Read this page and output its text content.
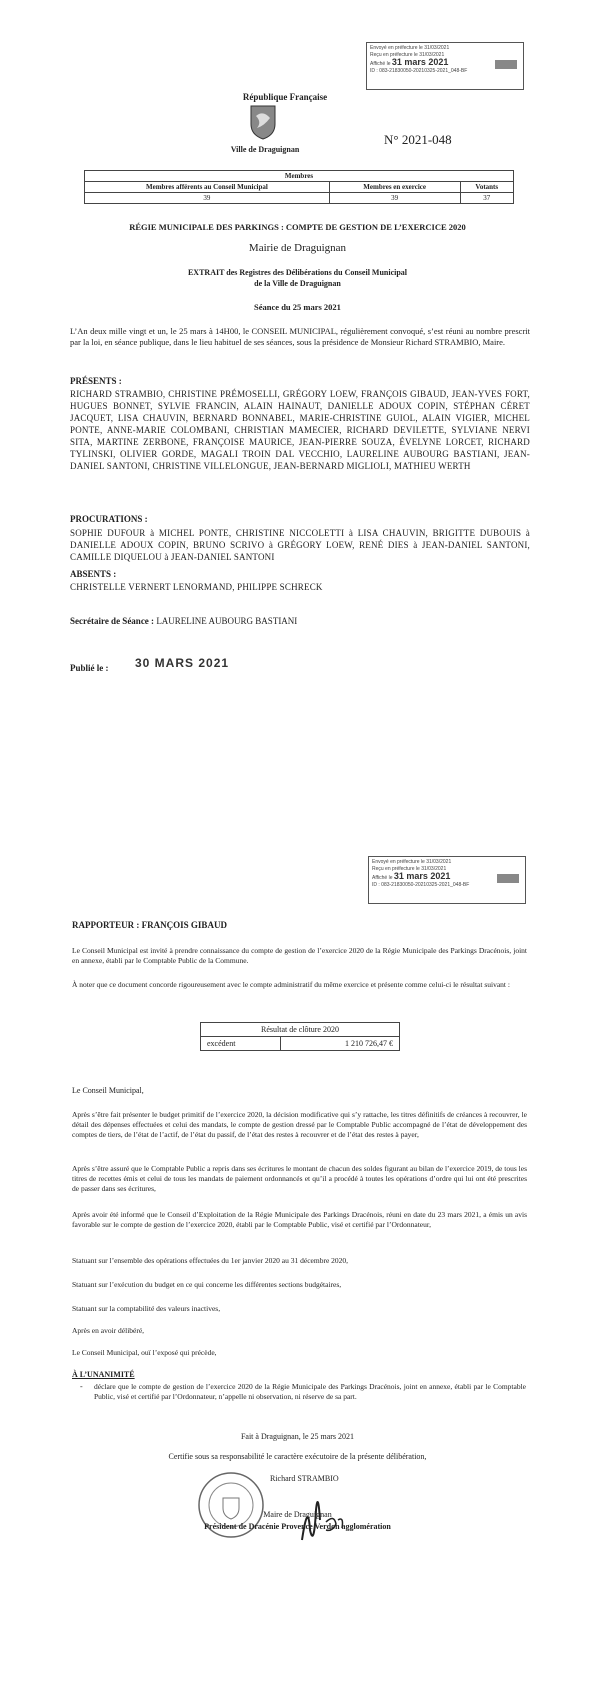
Envoyé en préfecture le 31/03/2021
Reçu en préfecture le 31/03/2021
Affiché le 31 mars 2021
ID : 083-21830050-20210325-2021_048-BF
République Française
Ville de Draguignan
N° 2021-048
Membres		
Membres afférents au Conseil Municipal	Membres en exercice	Votants
39	39	37
RÉGIE MUNICIPALE DES PARKINGS : COMPTE DE GESTION DE L’EXERCICE 2020
Mairie de Draguignan
EXTRAIT des Registres des Délibérations du Conseil Municipal
de la Ville de Draguignan
Séance du 25 mars 2021
L’An deux mille vingt et un, le 25 mars à 14H00, le CONSEIL MUNICIPAL, régulièrement convoqué, s’est réuni au nombre prescrit par la loi, en séance publique, dans le lieu habituel de ses séances, sous la présidence de Monsieur Richard STRAMBIO, Maire.
PRÉSENTS :
RICHARD STRAMBIO, CHRISTINE PRÉMOSELLI, GRÉGORY LOEW, FRANÇOIS GIBAUD, JEAN-YVES FORT, HUGUES BONNET, SYLVIE FRANCIN, ALAIN HAINAUT, DANIELLE ADOUX COPIN, STÉPHAN CÉRET JACQUET, LISA CHAUVIN, BERNARD BONNABEL, MARIE-CHRISTINE GUIOL, ALAIN VIGIER, MICHEL PONTE, ANNE-MARIE COLOMBANI, CHRISTIAN MAMECIER, RICHARD DEVILETTE, SYLVIANE NERVI SITA, MARTINE ZERBONE, FRANÇOISE MAURICE, JEAN-PIERRE SOUZA, ÉVELYNE LORCET, RICHARD TYLINSKI, OLIVIER GORDE, MAGALI TROIN DAL VECCHIO, LAURELINE AUBOURG BASTIANI, JEAN-DANIEL SANTONI, CHRISTINE VILLELONGUE, JEAN-BERNARD MIGLIOLI, MATHIEU WERTH
PROCURATIONS :
SOPHIE DUFOUR à MICHEL PONTE, CHRISTINE NICCOLETTI à LISA CHAUVIN, BRIGITTE DUBOUIS à DANIELLE ADOUX COPIN, BRUNO SCRIVO à GRÉGORY LOEW, RENÉ DIES à JEAN-DANIEL SANTONI, CAMILLE DIQUELOU à JEAN-DANIEL SANTONI
ABSENTS :
CHRISTELLE VERNERT LENORMAND, PHILIPPE SCHRECK
Secrétaire de Séance : LAURELINE AUBOURG BASTIANI
Publié le : 30 MARS 2021
Envoyé en préfecture le 31/03/2021
Reçu en préfecture le 31/03/2021
Affiché le 31 mars 2021
ID : 083-21830050-20210325-2021_048-BF
RAPPORTEUR : FRANÇOIS GIBAUD
Le Conseil Municipal est invité à prendre connaissance du compte de gestion de l’exercice 2020 de la Régie Municipale des Parkings Dracénois, joint en annexe, établi par le Comptable Public de la Commune.
À noter que ce document concorde rigoureusement avec le compte administratif du même exercice et présente comme celui-ci le résultat suivant :
Résultat de clôture 2020
excédent	1 210 726,47 €
Le Conseil Municipal,
Après s’être fait présenter le budget primitif de l’exercice 2020, la décision modificative qui s’y rattache, les titres définitifs de créances à recouvrer, le détail des dépenses effectuées et celui des mandats, le compte de gestion dressé par le Comptable Public accompagné de l’état de développement des comptes de tiers, de l’état de l’actif, de l’état du passif, de l’état des restes à recouvrer et de l’état des restes à payer,
Après s’être assuré que le Comptable Public a repris dans ses écritures le montant de chacun des soldes figurant au bilan de l’exercice 2019, de tous les titres de recettes émis et celui de tous les mandats de paiement ordonnancés et qu’il a procédé à toutes les opérations d’ordre qui lui ont été prescrites de passer dans ses écritures,
Après avoir été informé que le Conseil d’Exploitation de la Régie Municipale des Parkings Dracénois, réuni en date du 23 mars 2021, a émis un avis favorable sur le compte de gestion de l’exercice 2020, établi par le Comptable Public, visé et certifié par l’Ordonnateur,
Statuant sur l’ensemble des opérations effectuées du 1er janvier 2020 au 31 décembre 2020,
Statuant sur l’exécution du budget en ce qui concerne les différentes sections budgétaires,
Statuant sur la comptabilité des valeurs inactives,
Après en avoir délibéré,
Le Conseil Municipal, ouï l’exposé qui précède,
À L’UNANIMITÉ
- déclare que le compte de gestion de l’exercice 2020 de la Régie Municipale des Parkings Dracénois, joint en annexe, établi par le Comptable Public, visé et certifié par l’Ordonnateur, n’appelle ni observation, ni réserve de sa part.
Fait à Draguignan, le 25 mars 2021
Certifie sous sa responsabilité le caractère exécutoire de la présente délibération,
Richard STRAMBIO
Maire de Draguignan
Président de Dracénie Provence Verdon agglomération
